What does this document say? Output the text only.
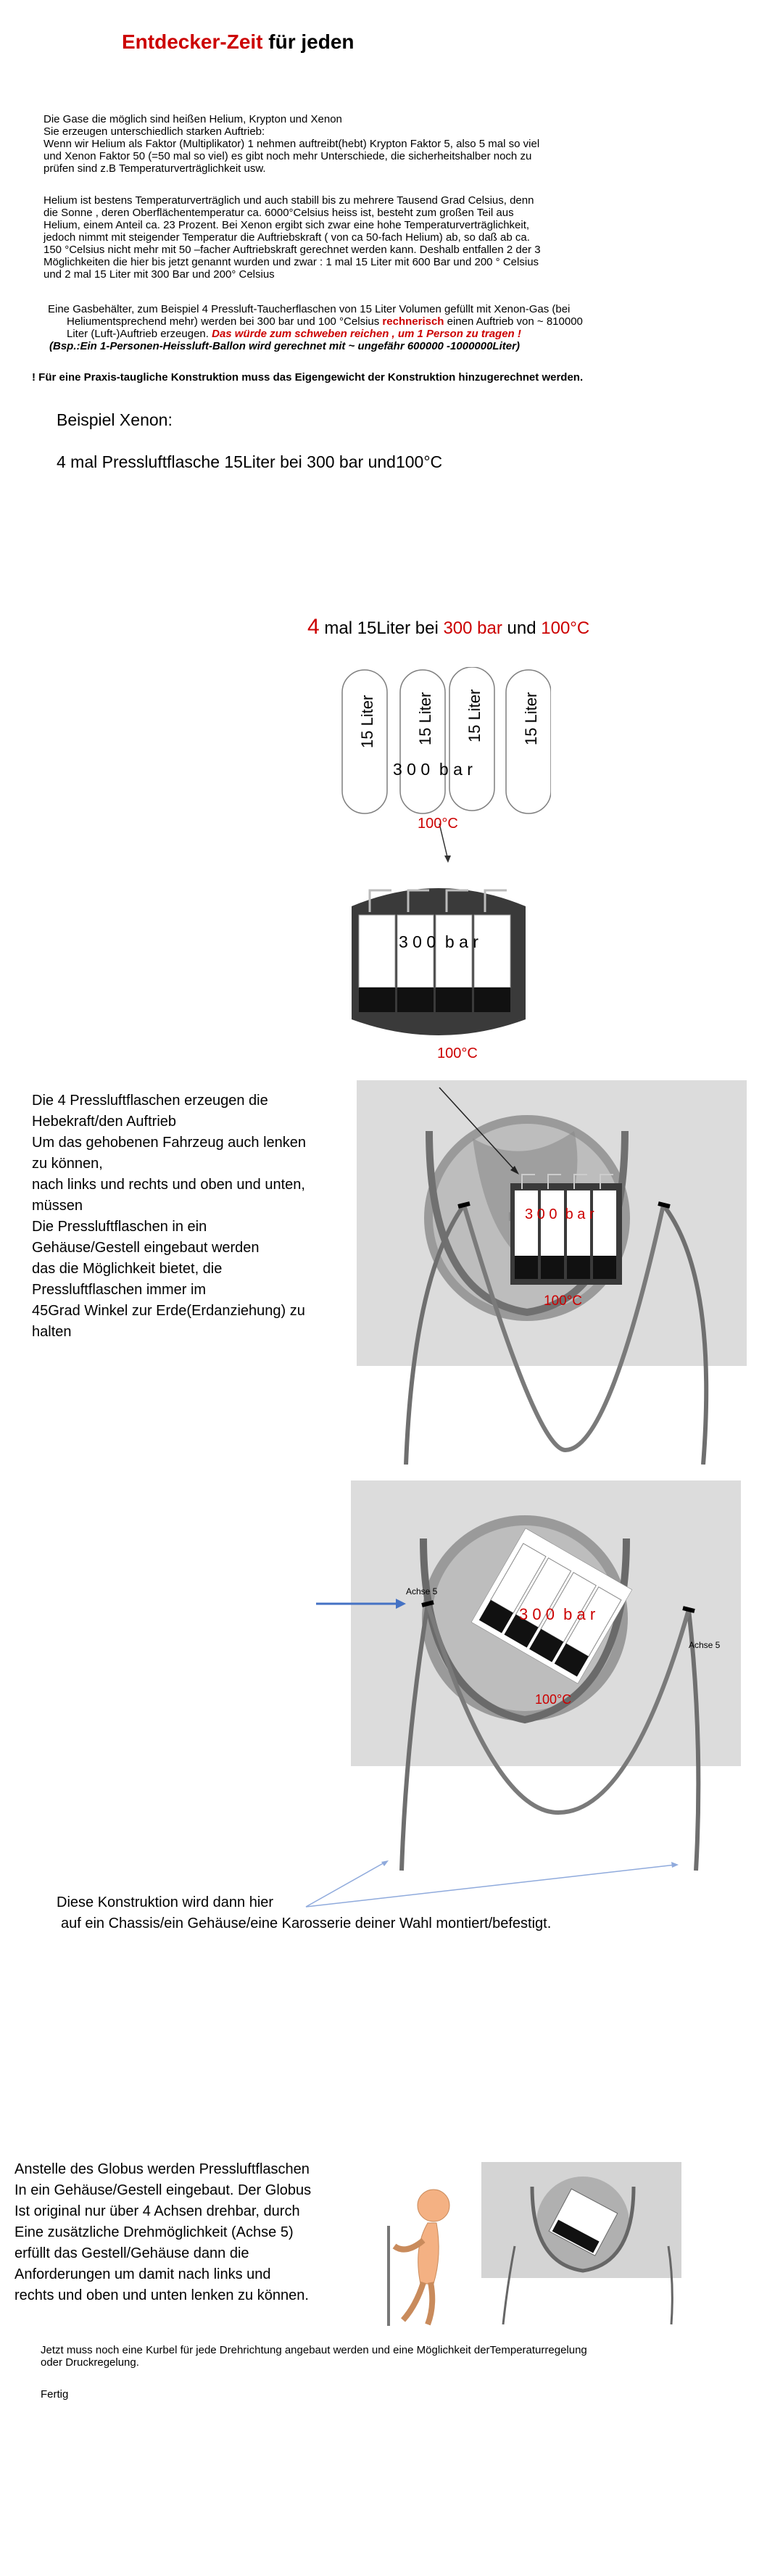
Entdecker-Zeit für jeden
Die Gase die möglich sind heißen Helium, Krypton und Xenon
Sie erzeugen unterschiedlich starken Auftrieb:
Wenn wir Helium als Faktor (Multiplikator) 1 nehmen auftreibt(hebt) Krypton Faktor 5, also 5 mal so viel
und Xenon Faktor 50 (=50 mal so viel) es gibt noch mehr Unterschiede, die sicherheitshalber noch zu
prüfen sind z.B Temperaturverträglichkeit usw.
Helium ist bestens Temperaturverträglich und auch stabill bis zu mehrere Tausend Grad Celsius, denn
die Sonne , deren Oberflächentemperatur ca. 6000°Celsius heiss ist, besteht zum großen Teil aus
Helium, einem Anteil ca. 23 Prozent. Bei Xenon ergibt sich zwar eine hohe Temperaturverträglichkeit,
jedoch nimmt mit steigender Temperatur die Auftriebskraft ( von ca 50-fach Helium) ab, so daß ab ca.
150 °Celsius nicht mehr mit 50 –facher Auftriebskraft gerechnet werden kann. Deshalb entfallen 2 der 3
Möglichkeiten die hier bis jetzt genannt wurden und zwar : 1 mal 15 Liter mit 600 Bar und 200 ° Celsius
und 2 mal 15 Liter mit 300 Bar und 200° Celsius
Eine Gasbehälter, zum Beispiel 4 Pressluft-Taucherflaschen von 15 Liter Volumen gefüllt mit Xenon-Gas (bei
Heliumentsprechend mehr) werden bei 300 bar und 100 °Celsius rechnerisch einen Auftrieb von ~ 810000
Liter (Luft-)Auftrieb erzeugen. Das würde zum schweben reichen , um 1 Person zu tragen !
(Bsp.:Ein 1-Personen-Heissluft-Ballon wird gerechnet mit ~ ungefähr 600000 -1000000Liter)
! Für eine Praxis-taugliche Konstruktion muss das Eigengewicht der Konstruktion hinzugerechnet werden.
Beispiel Xenon:
4 mal Pressluftflasche 15Liter bei 300 bar und100°C
4 mal 15Liter bei 300 bar und 100°C
15 Liter	15 Liter 15 Liter 15 Liter
3 0 0  b a r
100°C
3 0 0  b a r
100°C
Die 4 Pressluftflaschen erzeugen die
Hebekraft/den Auftrieb
Um das gehobenen Fahrzeug auch lenken
zu können,
nach links und rechts und oben und unten,
müssen
Die Pressluftflaschen in ein
Gehäuse/Gestell eingebaut werden
das die Möglichkeit bietet, die
Pressluftflaschen immer im
45Grad Winkel zur Erde(Erdanziehung) zu
halten
3 0 0  b a r
100°C
3 0 0  b a r
100°C
Achse 5
Achse 5
Diese Konstruktion wird dann hier
auf ein Chassis/ein Gehäuse/eine Karosserie deiner Wahl montiert/befestigt.
Anstelle des Globus werden Pressluftflaschen
In ein Gehäuse/Gestell eingebaut. Der Globus
Ist original nur über 4 Achsen drehbar, durch
Eine zusätzliche Drehmöglichkeit (Achse 5)
erfüllt das Gestell/Gehäuse dann die
Anforderungen um damit nach links und
rechts und oben und unten lenken zu können.
Jetzt muss noch eine Kurbel für jede Drehrichtung angebaut werden und eine Möglichkeit derTemperaturregelung
oder Druckregelung.
Fertig
